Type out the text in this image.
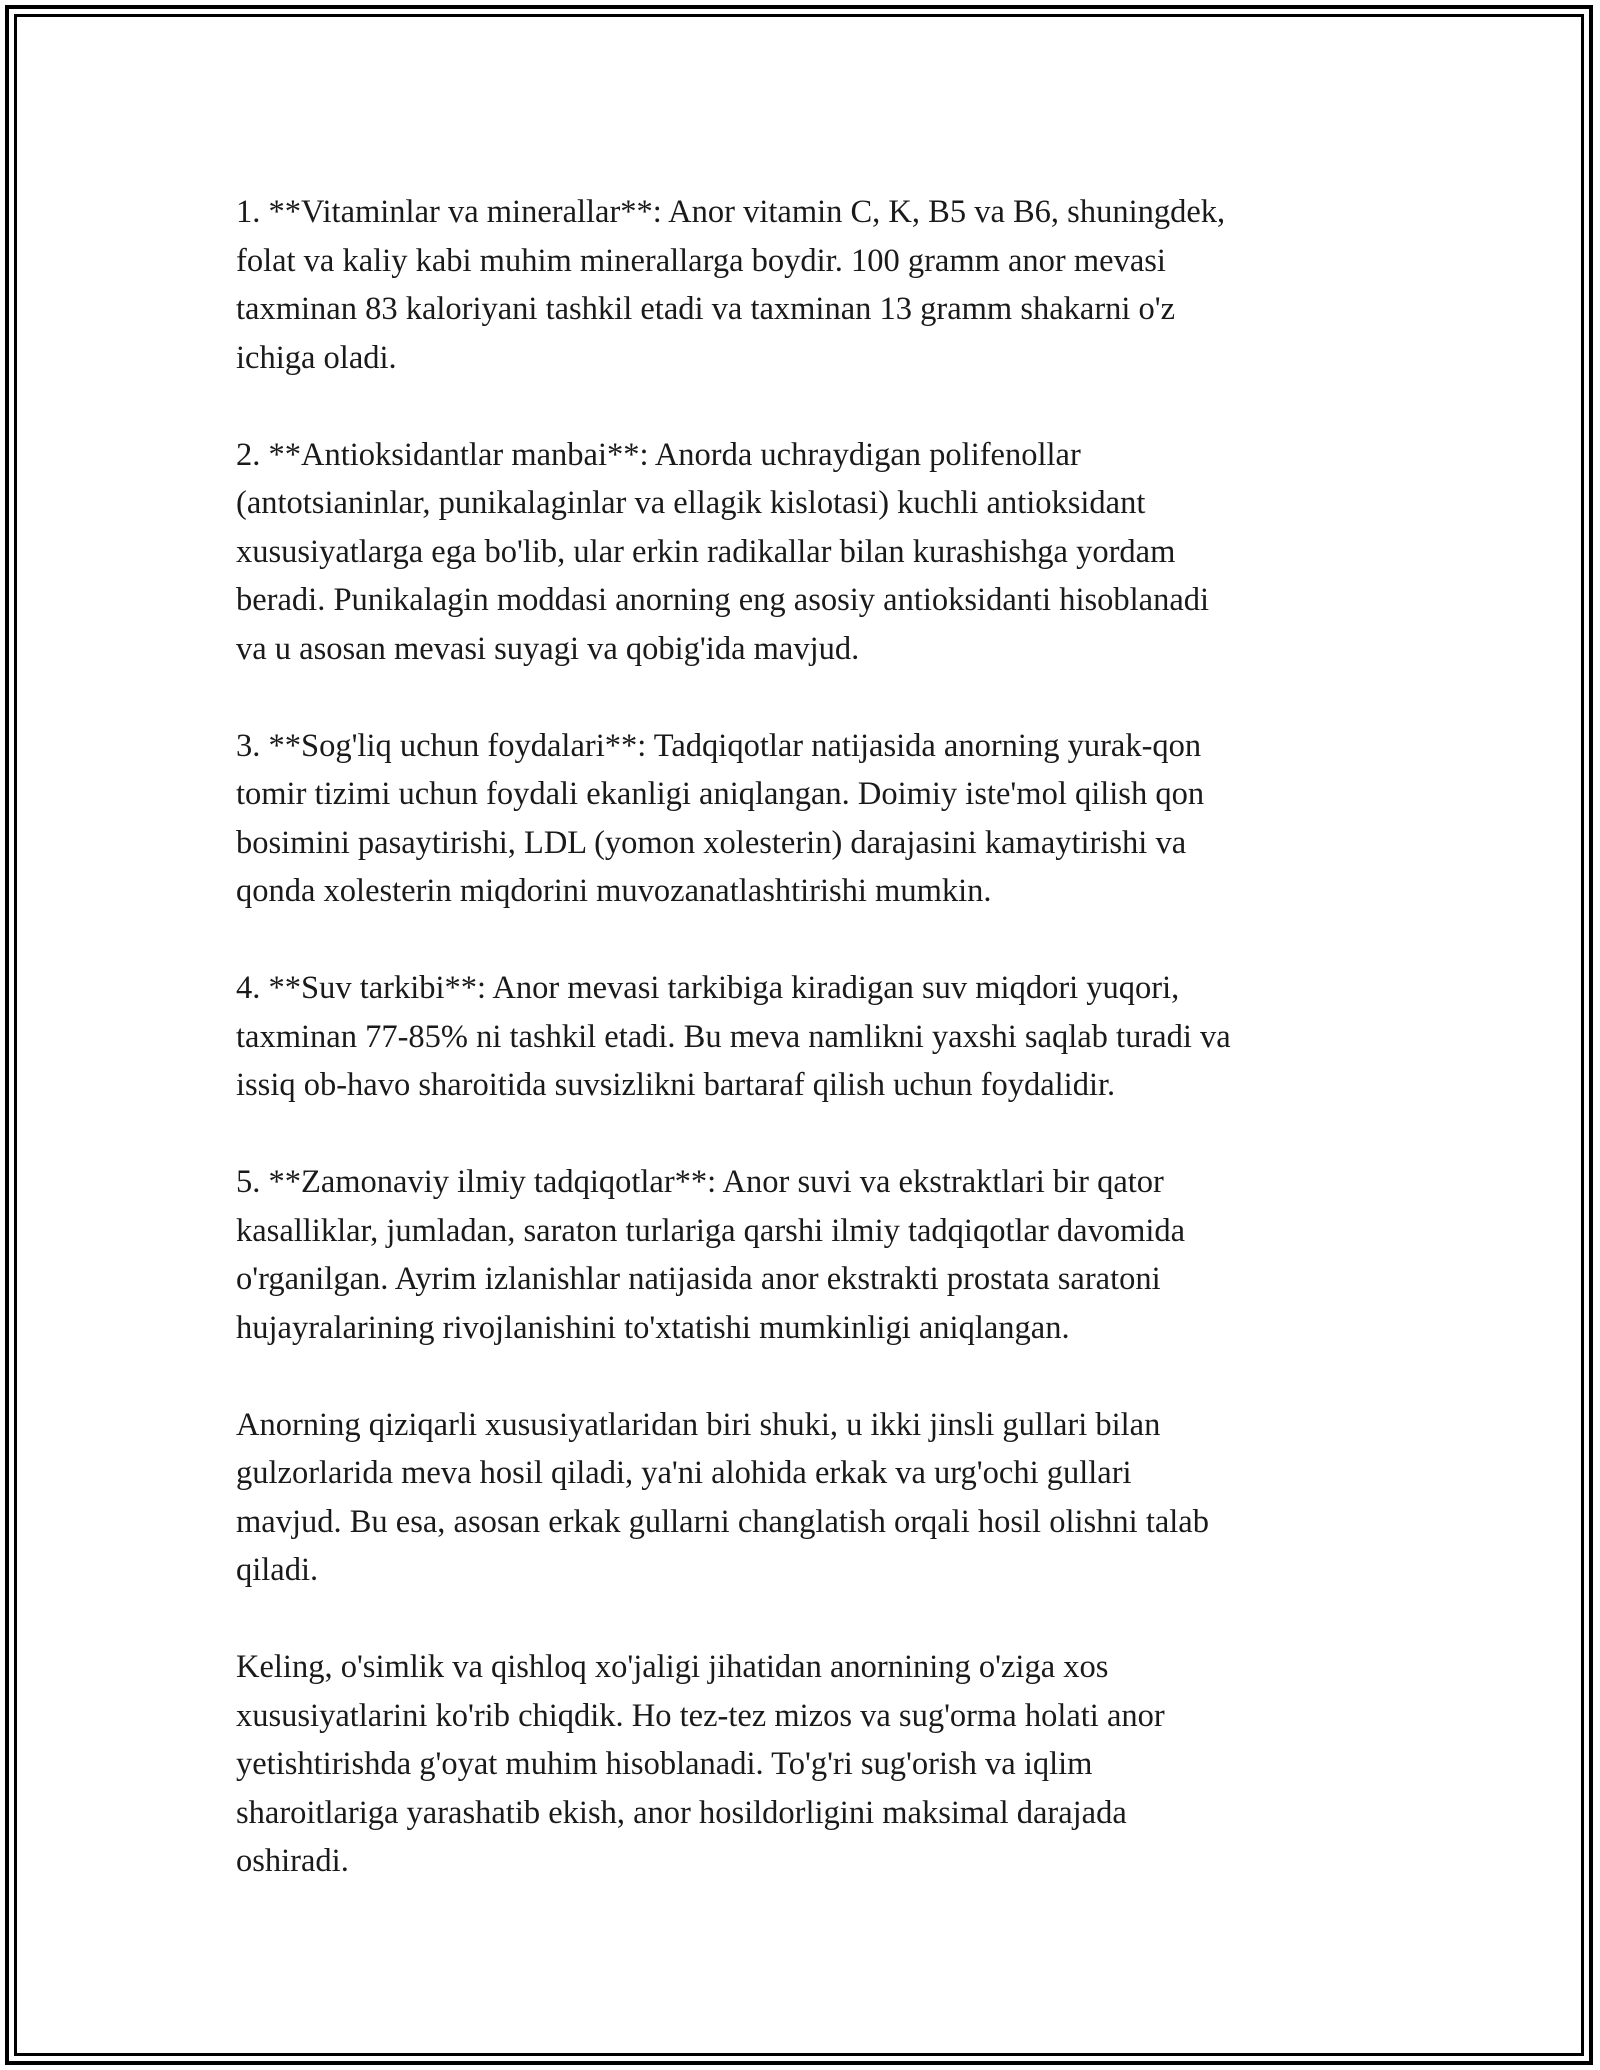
1. **Vitaminlar va minerallar**: Anor vitamin C, K, B5 va B6, shuningdek,
folat va kaliy kabi muhim minerallarga boydir. 100 gramm anor mevasi
taxminan 83 kaloriyani tashkil etadi va taxminan 13 gramm shakarni o'z
ichiga oladi.

2. **Antioksidantlar manbai**: Anorda uchraydigan polifenollar
(antotsianinlar, punikalaginlar va ellagik kislotasi) kuchli antioksidant
xususiyatlarga ega bo'lib, ular erkin radikallar bilan kurashishga yordam
beradi. Punikalagin moddasi anorning eng asosiy antioksidanti hisoblanadi
va u asosan mevasi suyagi va qobig'ida mavjud.

3. **Sog'liq uchun foydalari**: Tadqiqotlar natijasida anorning yurak-qon
tomir tizimi uchun foydali ekanligi aniqlangan. Doimiy iste'mol qilish qon
bosimini pasaytirishi, LDL (yomon xolesterin) darajasini kamaytirishi va
qonda xolesterin miqdorini muvozanatlashtirishi mumkin.

4. **Suv tarkibi**: Anor mevasi tarkibiga kiradigan suv miqdori yuqori,
taxminan 77-85% ni tashkil etadi. Bu meva namlikni yaxshi saqlab turadi va
issiq ob-havo sharoitida suvsizlikni bartaraf qilish uchun foydalidir.

5. **Zamonaviy ilmiy tadqiqotlar**: Anor suvi va ekstraktlari bir qator
kasalliklar, jumladan, saraton turlariga qarshi ilmiy tadqiqotlar davomida
o'rganilgan. Ayrim izlanishlar natijasida anor ekstrakti prostata saratoni
hujayralarining rivojlanishini to'xtatishi mumkinligi aniqlangan.

Anorning qiziqarli xususiyatlaridan biri shuki, u ikki jinsli gullari bilan
gulzorlarida meva hosil qiladi, ya'ni alohida erkak va urg'ochi gullari
mavjud. Bu esa, asosan erkak gullarni changlatish orqali hosil olishni talab
qiladi.

Keling, o'simlik va qishloq xo'jaligi jihatidan anornining o'ziga xos
xususiyatlarini ko'rib chiqdik. Ho tez-tez mizos va sug'orma holati anor
yetishtirishda g'oyat muhim hisoblanadi. To'g'ri sug'orish va iqlim
sharoitlariga yarashatib ekish, anor hosildorligini maksimal darajada
oshiradi.
